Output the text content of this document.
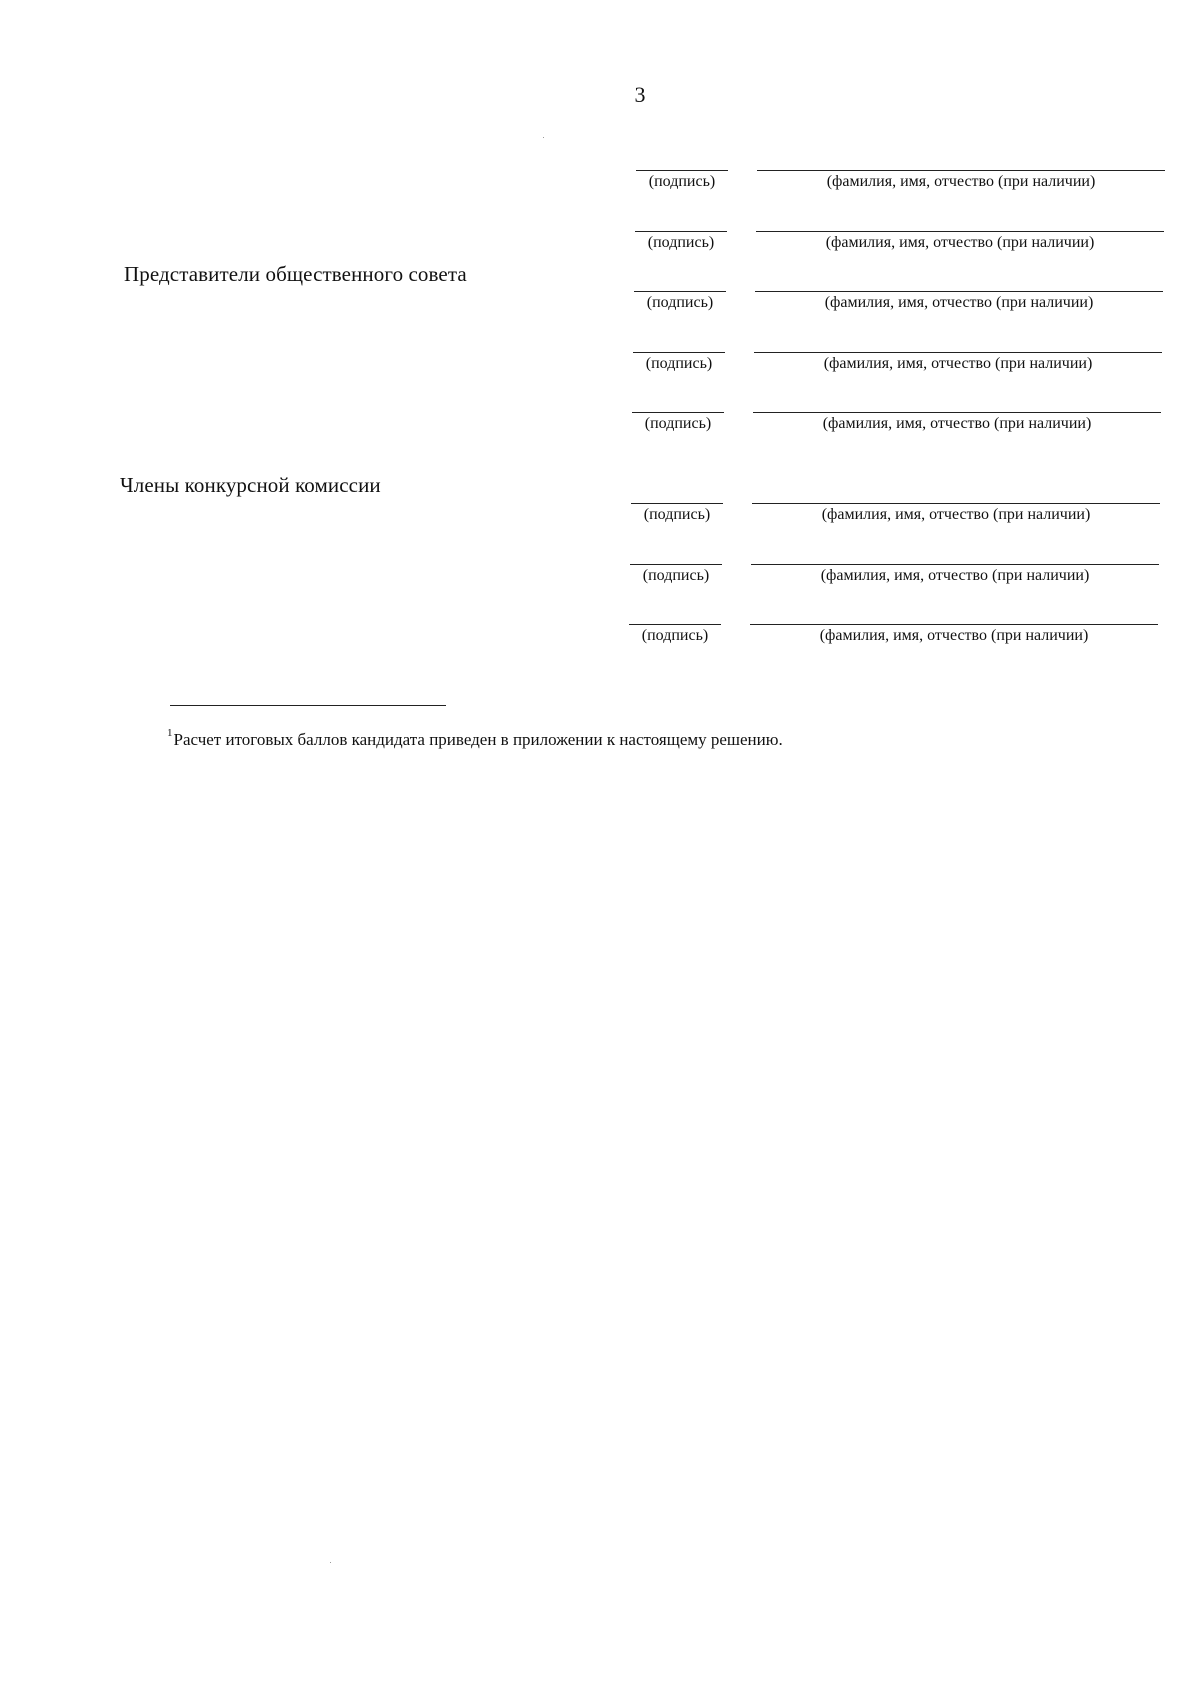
3
Представители общественного совета
Члены конкурсной комиссии
(подпись)	(фамилия, имя, отчество (при наличии)
(подпись)	(фамилия, имя, отчество (при наличии)
(подпись)	(фамилия, имя, отчество (при наличии)
(подпись)	(фамилия, имя, отчество (при наличии)
(подпись)	(фамилия, имя, отчество (при наличии)
(подпись)	(фамилия, имя, отчество (при наличии)
(подпись)	(фамилия, имя, отчество (при наличии)
(подпись)	(фамилия, имя, отчество (при наличии)
$^1$Расчет итоговых баллов кандидата приведен в приложении к настоящему решению.
